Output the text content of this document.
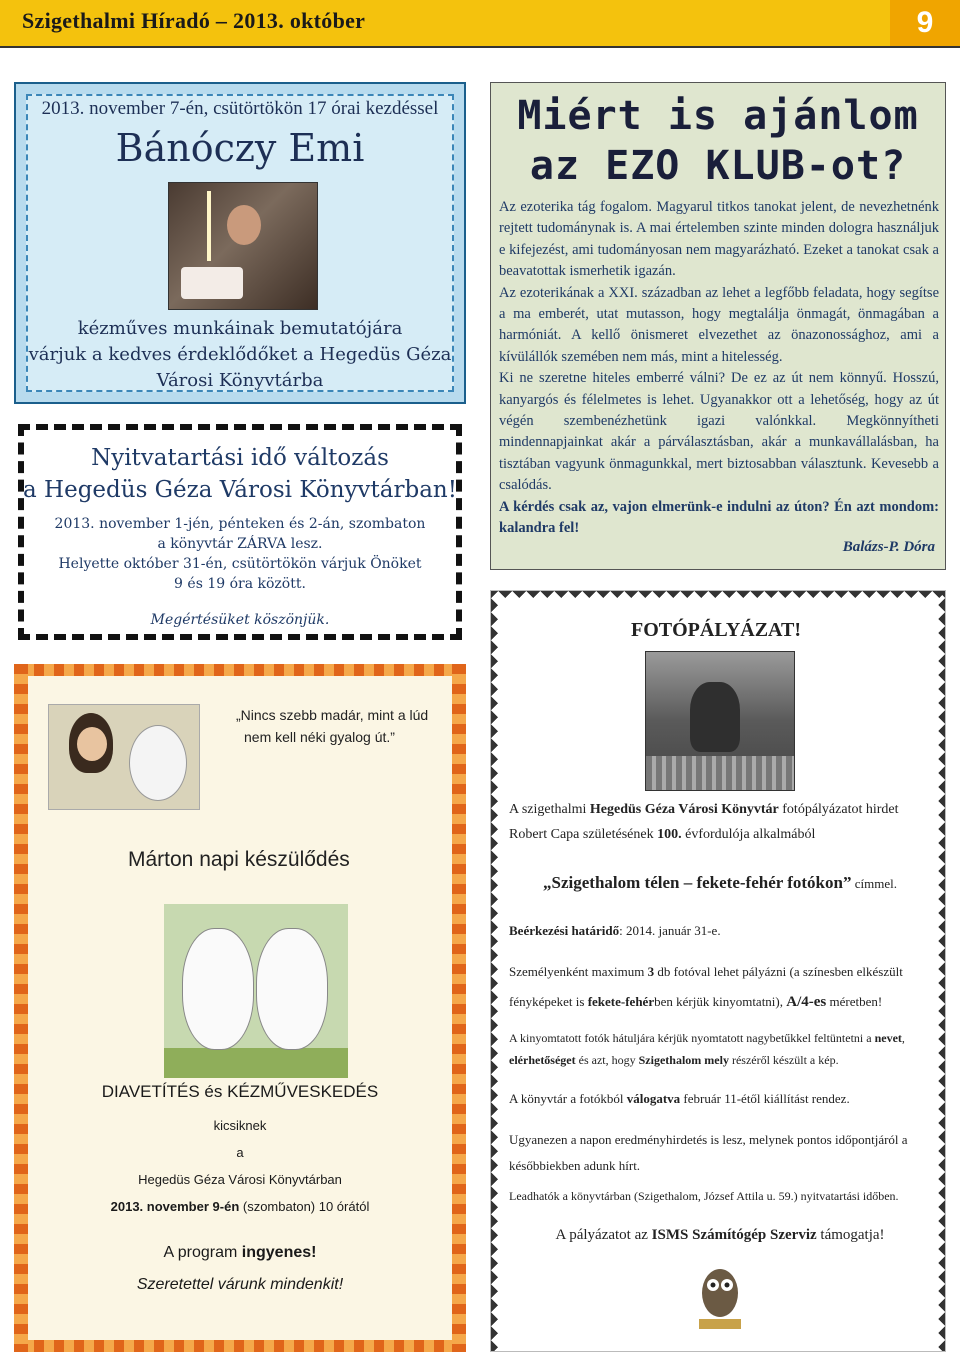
Szigethalmi Híradó – 2013. október	9
2013. november 7-én, csütörtökön 17 órai kezdéssel
Bánóczy Emi
kézműves munkáinak bemutatójára
várjuk a kedves érdeklődőket a Hegedüs Géza
Városi Könyvtárba
Nyitvatartási idő változás
a Hegedüs Géza Városi Könyvtárban!
2013. november 1-jén, pénteken és 2-án, szombaton
a könyvtár ZÁRVA lesz.
Helyette október 31-én, csütörtökön várjuk Önöket
9 és 19 óra között.
Megértésüket köszönjük.
Miért is ajánlom
az EZO KLUB-ot?

Az ezoterika tág fogalom. Magyarul titkos tanokat jelent, de nevezhetnénk rejtett tudománynak is. A mai értelemben szinte minden dologra használjuk e kifejezést, ami tudományosan nem magyarázható. Ezeket a tanokat csak a beavatottak ismerhetik igazán.

Az ezoterikának a XXI. században az lehet a legfőbb feladata, hogy segítse a ma emberét, utat mutasson, hogy megtalálja önmagát, önmagában a harmóniát. A kellő önismeret elvezethet az önazonossághoz, ami a kívülállók szemében nem más, mint a hitelesség.

Ki ne szeretne hiteles emberré válni? De ez az út nem könnyű. Hosszú, kanyargós és félelmetes is lehet. Ugyanakkor ott a lehetőség, hogy az út végén szembenézhetünk igazi valónkkal. Megkönnyítheti mindennapjainkat akár a párválasztásban, akár a munkavállalásban, ha tisztában vagyunk önmagunkkal, mert biztosabban választunk. Kevesebb a csalódás.

A kérdés csak az, vajon elmerünk-e indulni az úton? Én azt mondom: kalandra fel!

Balázs-P. Dóra
„Nincs szebb madár, mint a lúd
nem kell néki gyalog út.”
Márton napi készülődés
DIAVETÍTÉS és KÉZMŰVESKEDÉS
kicsiknek
a
Hegedüs Géza Városi Könyvtárban
2013. november 9-én (szombaton) 10 órától
A program ingyenes!
Szeretettel várunk mindenkit!
FOTÓPÁLYÁZAT!
A szigethalmi Hegedüs Géza Városi Könyvtár fotópályázatot hirdet Robert Capa születésének 100. évfordulója alkalmából
„Szigethalom télen – fekete-fehér fotókon” címmel.
Beérkezési határidő: 2014. január 31-e.
Személyenként maximum 3 db fotóval lehet pályázni (a színesben elkészült fényképeket is fekete-fehérben kérjük kinyomtatni), A/4-es méretben!
A kinyomtatott fotók hátuljára kérjük nyomtatott nagybetűkkel feltüntetni a nevet, elérhetőséget és azt, hogy Szigethalom mely részéről készült a kép.
A könyvtár a fotókból válogatva február 11-étől kiállítást rendez.
Ugyanezen a napon eredményhirdetés is lesz, melynek pontos időpontjáról a későbbiekben adunk hírt.
Leadhatók a könyvtárban (Szigethalom, József Attila u. 59.) nyitvatartási időben.
A pályázatot az ISMS Számítógép Szerviz támogatja!
